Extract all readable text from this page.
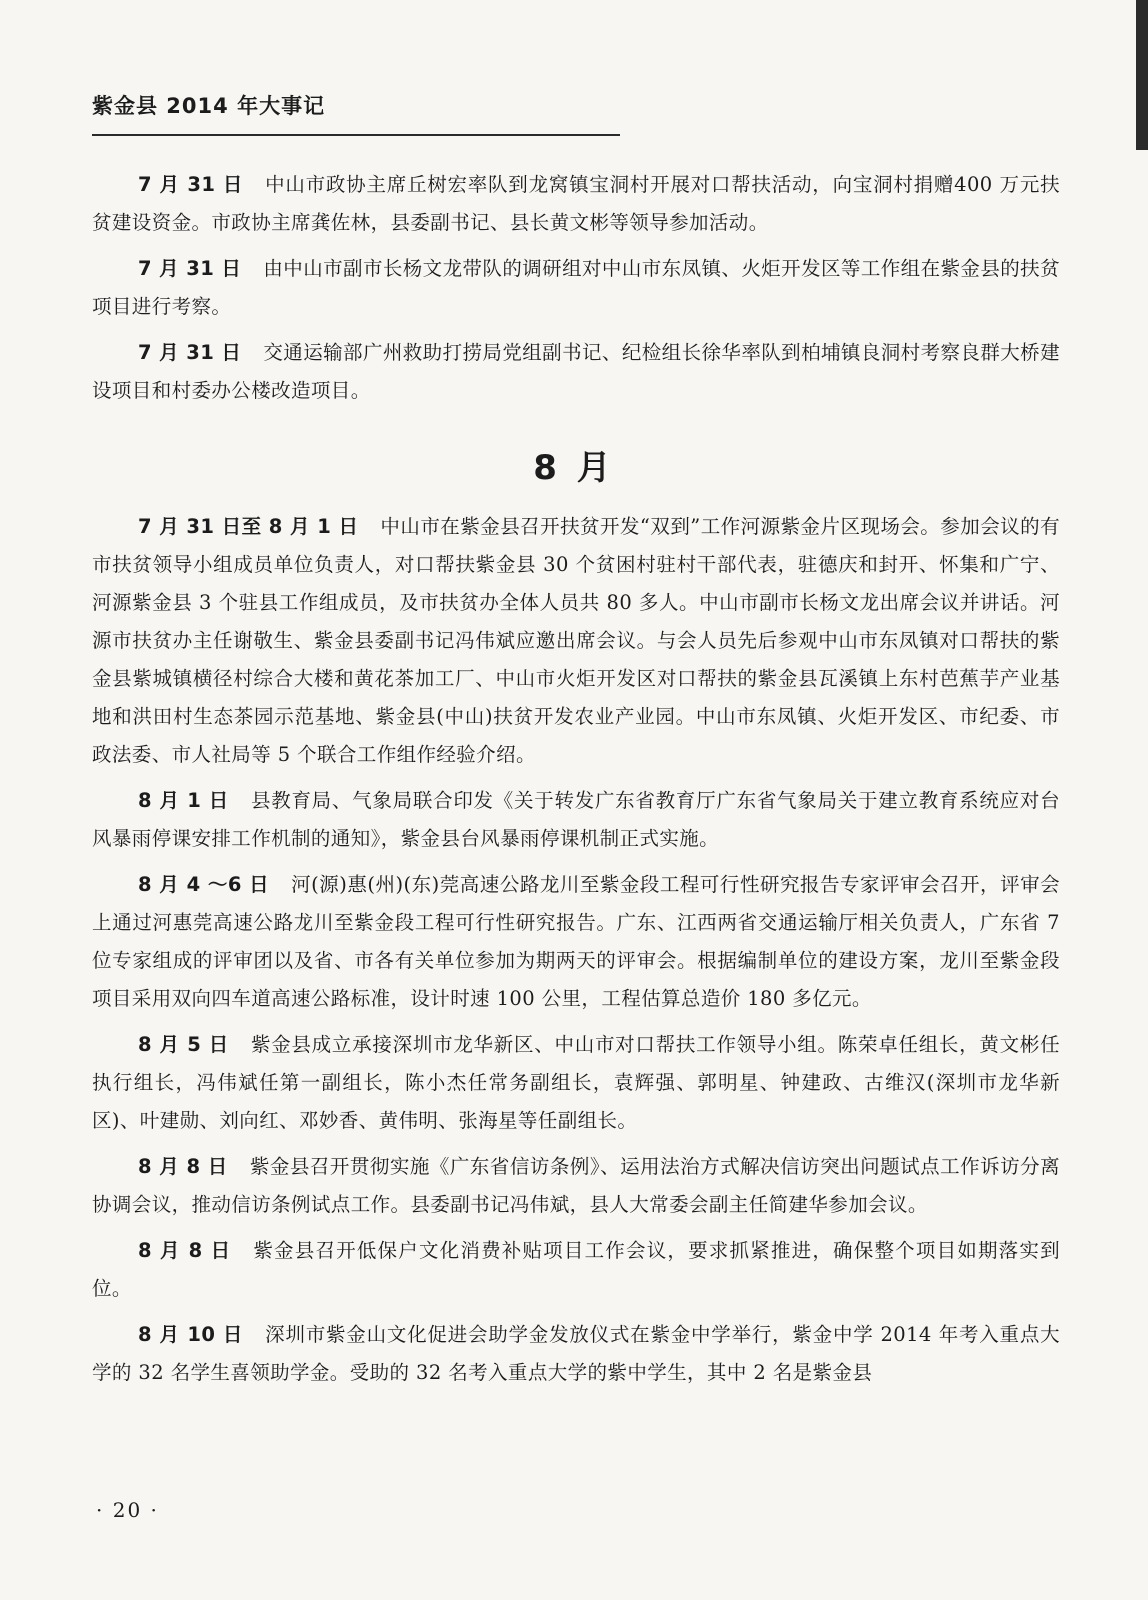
紫金县 2014 年大事记

7 月 31 日 中山市政协主席丘树宏率队到龙窝镇宝洞村开展对口帮扶活动，向宝洞村捐赠400 万元扶贫建设资金。市政协主席龚佐林，县委副书记、县长黄文彬等领导参加活动。

7 月 31 日 由中山市副市长杨文龙带队的调研组对中山市东凤镇、火炬开发区等工作组在紫金县的扶贫项目进行考察。

7 月 31 日 交通运输部广州救助打捞局党组副书记、纪检组长徐华率队到柏埔镇良洞村考察良群大桥建设项目和村委办公楼改造项目。

8 月

7 月 31 日至 8 月 1 日 中山市在紫金县召开扶贫开发“双到”工作河源紫金片区现场会。参加会议的有市扶贫领导小组成员单位负责人，对口帮扶紫金县 30 个贫困村驻村干部代表，驻德庆和封开、怀集和广宁、河源紫金县 3 个驻县工作组成员，及市扶贫办全体人员共 80 多人。中山市副市长杨文龙出席会议并讲话。河源市扶贫办主任谢敬生、紫金县委副书记冯伟斌应邀出席会议。与会人员先后参观中山市东凤镇对口帮扶的紫金县紫城镇横径村综合大楼和黄花茶加工厂、中山市火炬开发区对口帮扶的紫金县瓦溪镇上东村芭蕉芋产业基地和洪田村生态茶园示范基地、紫金县(中山)扶贫开发农业产业园。中山市东凤镇、火炬开发区、市纪委、市政法委、市人社局等 5 个联合工作组作经验介绍。

8 月 1 日 县教育局、气象局联合印发《关于转发广东省教育厅广东省气象局关于建立教育系统应对台风暴雨停课安排工作机制的通知》，紫金县台风暴雨停课机制正式实施。

8 月 4 ～6 日 河(源)惠(州)(东)莞高速公路龙川至紫金段工程可行性研究报告专家评审会召开，评审会上通过河惠莞高速公路龙川至紫金段工程可行性研究报告。广东、江西两省交通运输厅相关负责人，广东省 7 位专家组成的评审团以及省、市各有关单位参加为期两天的评审会。根据编制单位的建设方案，龙川至紫金段项目采用双向四车道高速公路标准，设计时速 100 公里，工程估算总造价 180 多亿元。

8 月 5 日 紫金县成立承接深圳市龙华新区、中山市对口帮扶工作领导小组。陈荣卓任组长，黄文彬任执行组长，冯伟斌任第一副组长，陈小杰任常务副组长，袁辉强、郭明星、钟建政、古维汉(深圳市龙华新区)、叶建勋、刘向红、邓妙香、黄伟明、张海星等任副组长。

8 月 8 日 紫金县召开贯彻实施《广东省信访条例》、运用法治方式解决信访突出问题试点工作诉访分离协调会议，推动信访条例试点工作。县委副书记冯伟斌，县人大常委会副主任简建华参加会议。

8 月 8 日 紫金县召开低保户文化消费补贴项目工作会议，要求抓紧推进，确保整个项目如期落实到位。

8 月 10 日 深圳市紫金山文化促进会助学金发放仪式在紫金中学举行，紫金中学 2014 年考入重点大学的 32 名学生喜领助学金。受助的 32 名考入重点大学的紫中学生，其中 2 名是紫金县

· 20 ·
